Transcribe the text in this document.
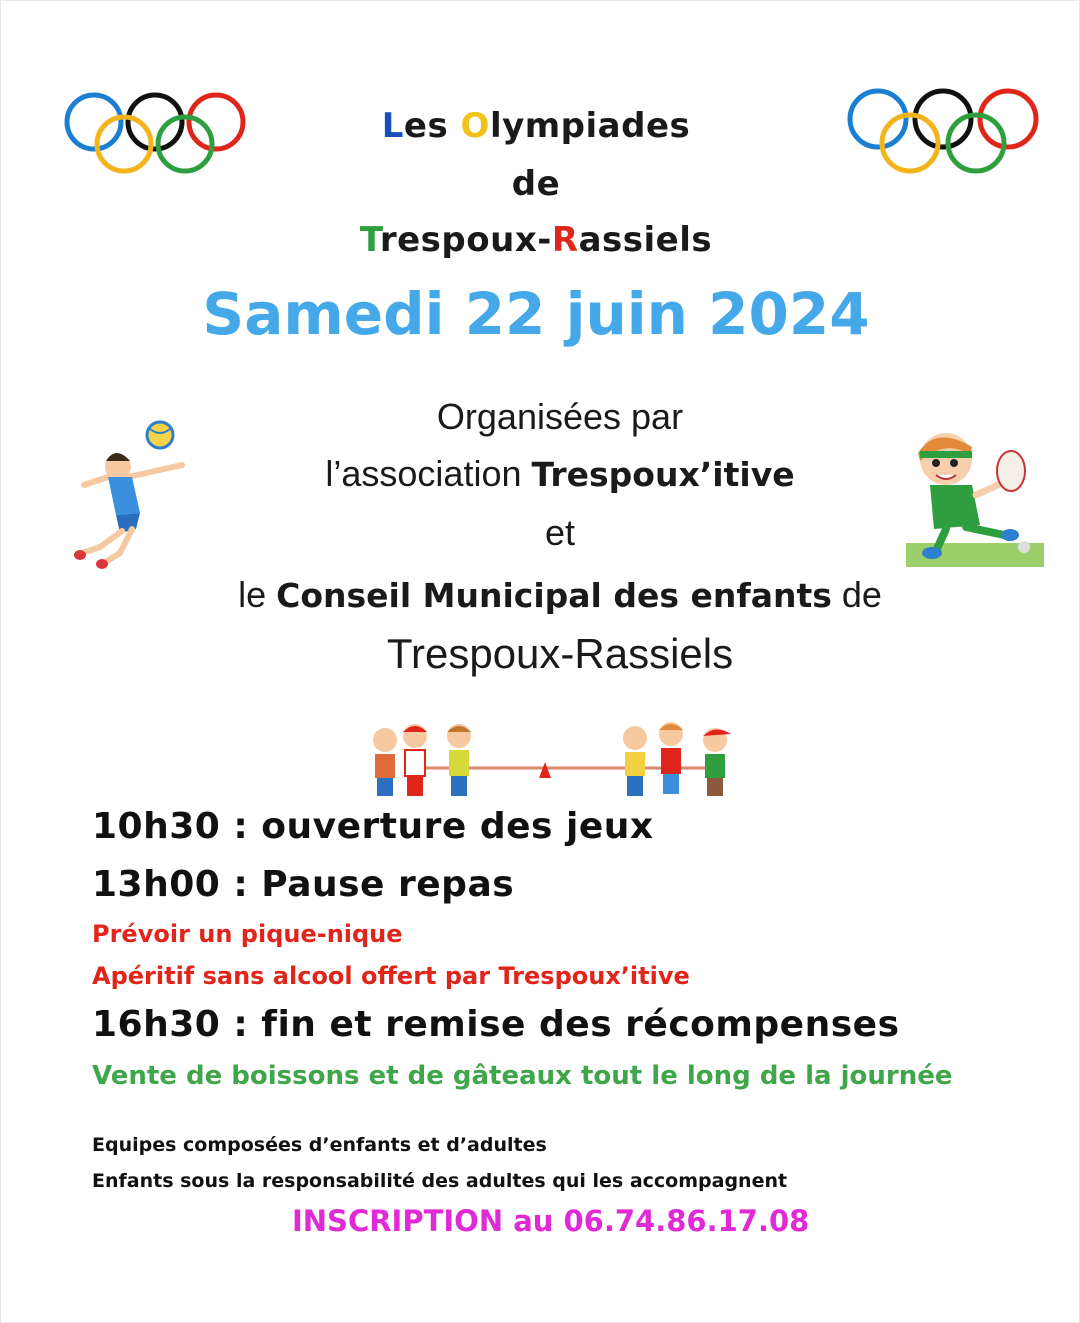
Les Olympiades
de
Trespoux-Rassiels
Samedi 22 juin 2024
Organisées par
l’association Trespoux’itive
et
le Conseil Municipal des enfants de
Trespoux-Rassiels
10h30 : ouverture des jeux
13h00 : Pause repas
Prévoir un pique-nique
Apéritif sans alcool offert par Trespoux’itive
16h30 : fin et remise des récompenses
Vente de boissons et de gâteaux tout le long de la journée
Equipes composées d’enfants et d’adultes
Enfants sous la responsabilité des adultes qui les accompagnent
INSCRIPTION au 06.74.86.17.08
